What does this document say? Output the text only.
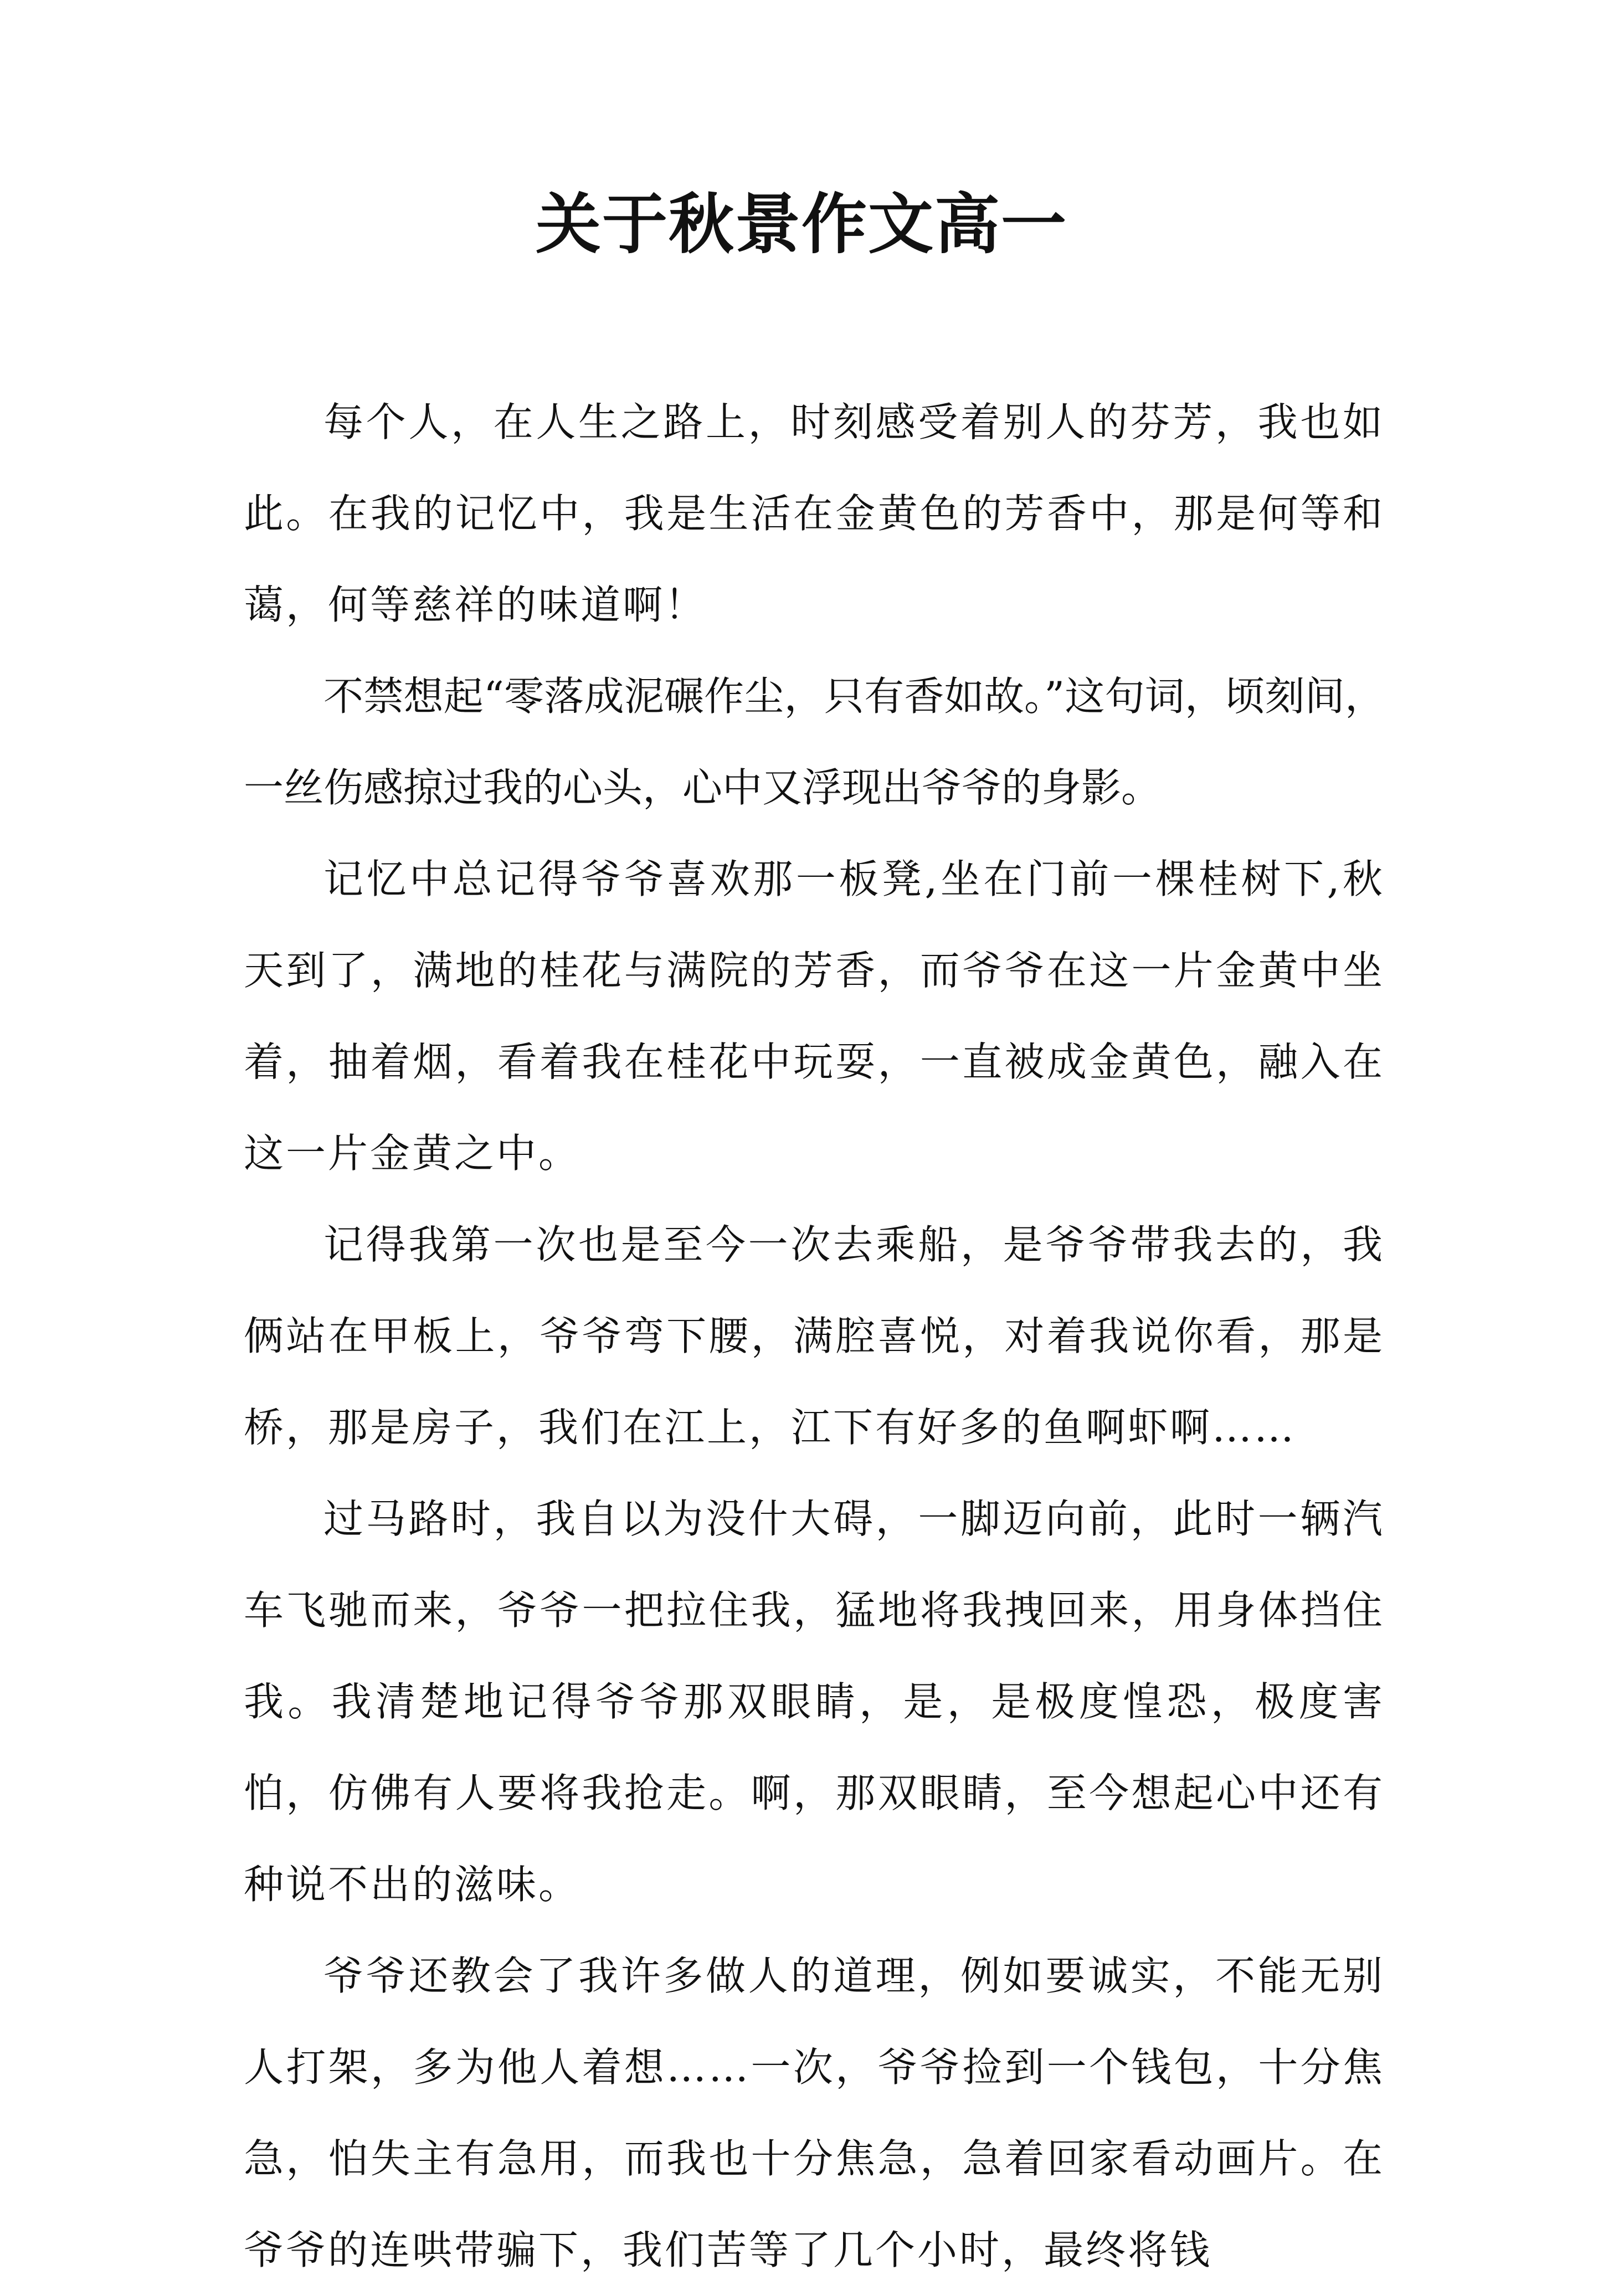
关于秋景作文高一

每个人，在人生之路上，时刻感受着别人的芬芳，我也如此。在我的记忆中，我是生活在金黄色的芳香中，那是何等和蔼，何等慈祥的味道啊！

不禁想起“零落成泥碾作尘，只有香如故。”这句词，顷刻间，一丝伤感掠过我的心头，心中又浮现出爷爷的身影。

记忆中总记得爷爷喜欢那一板凳,坐在门前一棵桂树下,秋天到了，满地的桂花与满院的芳香，而爷爷在这一片金黄中坐着，抽着烟，看着我在桂花中玩耍，一直被成金黄色，融入在这一片金黄之中。

记得我第一次也是至今一次去乘船，是爷爷带我去的，我俩站在甲板上，爷爷弯下腰，满腔喜悦，对着我说你看，那是桥，那是房子，我们在江上，江下有好多的鱼啊虾啊……

过马路时，我自以为没什大碍，一脚迈向前，此时一辆汽车飞驰而来，爷爷一把拉住我，猛地将我拽回来，用身体挡住我。我清楚地记得爷爷那双眼睛，是，是极度惶恐，极度害怕，仿佛有人要将我抢走。啊，那双眼睛，至今想起心中还有种说不出的滋味。

爷爷还教会了我许多做人的道理，例如要诚实，不能无别人打架，多为他人着想……一次，爷爷捡到一个钱包，十分焦急，怕失主有急用，而我也十分焦急，急着回家看动画片。在爷爷的连哄带骗下，我们苦等了几个小时，最终将钱
